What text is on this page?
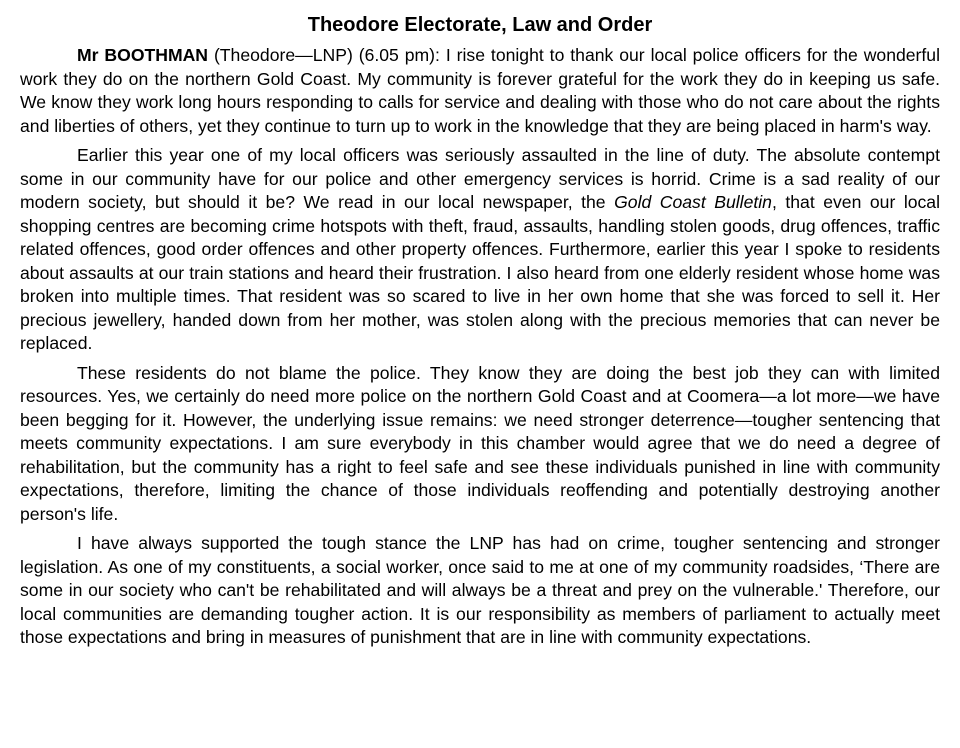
Theodore Electorate, Law and Order

Mr BOOTHMAN (Theodore—LNP) (6.05 pm): I rise tonight to thank our local police officers for the wonderful work they do on the northern Gold Coast. My community is forever grateful for the work they do in keeping us safe. We know they work long hours responding to calls for service and dealing with those who do not care about the rights and liberties of others, yet they continue to turn up to work in the knowledge that they are being placed in harm's way.

Earlier this year one of my local officers was seriously assaulted in the line of duty. The absolute contempt some in our community have for our police and other emergency services is horrid. Crime is a sad reality of our modern society, but should it be? We read in our local newspaper, the Gold Coast Bulletin, that even our local shopping centres are becoming crime hotspots with theft, fraud, assaults, handling stolen goods, drug offences, traffic related offences, good order offences and other property offences. Furthermore, earlier this year I spoke to residents about assaults at our train stations and heard their frustration. I also heard from one elderly resident whose home was broken into multiple times. That resident was so scared to live in her own home that she was forced to sell it. Her precious jewellery, handed down from her mother, was stolen along with the precious memories that can never be replaced.

These residents do not blame the police. They know they are doing the best job they can with limited resources. Yes, we certainly do need more police on the northern Gold Coast and at Coomera—a lot more—we have been begging for it. However, the underlying issue remains: we need stronger deterrence—tougher sentencing that meets community expectations. I am sure everybody in this chamber would agree that we do need a degree of rehabilitation, but the community has a right to feel safe and see these individuals punished in line with community expectations, therefore, limiting the chance of those individuals reoffending and potentially destroying another person's life.

I have always supported the tough stance the LNP has had on crime, tougher sentencing and stronger legislation. As one of my constituents, a social worker, once said to me at one of my community roadsides, ‘There are some in our society who can't be rehabilitated and will always be a threat and prey on the vulnerable.' Therefore, our local communities are demanding tougher action. It is our responsibility as members of parliament to actually meet those expectations and bring in measures of punishment that are in line with community expectations.
